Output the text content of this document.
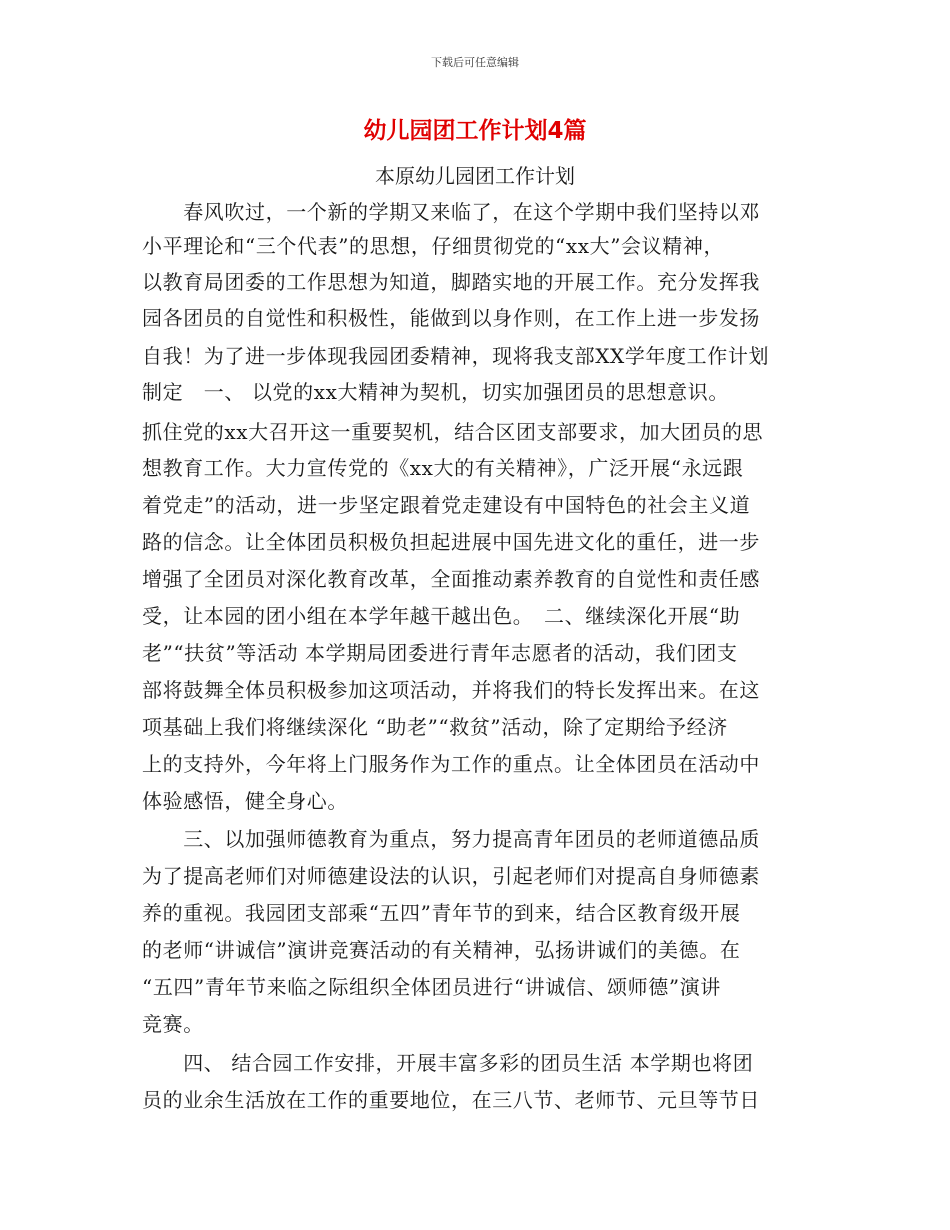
下载后可任意编辑
幼儿园团工作计划4篇
本原幼儿园团工作计划
　　春风吹过，一个新的学期又来临了，在这个学期中我们坚持以邓
小平理论和“三个代表”的思想，仔细贯彻党的“xx大”会议精神，
以教育局团委的工作思想为知道，脚踏实地的开展工作。充分发挥我
园各团员的自觉性和积极性，能做到以身作则，在工作上进一步发扬
自我！为了进一步体现我园团委精神，现将我支部XX学年度工作计划
制定　一、 以党的xx大精神为契机，切实加强团员的思想意识。
抓住党的xx大召开这一重要契机，结合区团支部要求，加大团员的思
想教育工作。大力宣传党的《xx大的有关精神》，广泛开展“永远跟
着党走”的活动，进一步坚定跟着党走建设有中国特色的社会主义道
路的信念。让全体团员积极负担起进展中国先进文化的重任，进一步
增强了全团员对深化教育改革，全面推动素养教育的自觉性和责任感
受，让本园的团小组在本学年越干越出色。　二、继续深化开展“助
老”“扶贫”等活动 本学期局团委进行青年志愿者的活动，我们团支
部将鼓舞全体员积极参加这项活动，并将我们的特长发挥出来。在这
项基础上我们将继续深化 “助老”“救贫”活动，除了定期给予经济
上的支持外，今年将上门服务作为工作的重点。让全体团员在活动中
体验感悟，健全身心。
　　三、以加强师德教育为重点，努力提高青年团员的老师道德品质
为了提高老师们对师德建设法的认识，引起老师们对提高自身师德素
养的重视。我园团支部乘“五四”青年节的到来，结合区教育级开展
的老师“讲诚信”演讲竞赛活动的有关精神，弘扬讲诚们的美德。在
“五四”青年节来临之际组织全体团员进行“讲诚信、颂师德”演讲
竞赛。
　　四、 结合园工作安排，开展丰富多彩的团员生活 本学期也将团
员的业余生活放在工作的重要地位，在三八节、老师节、元旦等节日
